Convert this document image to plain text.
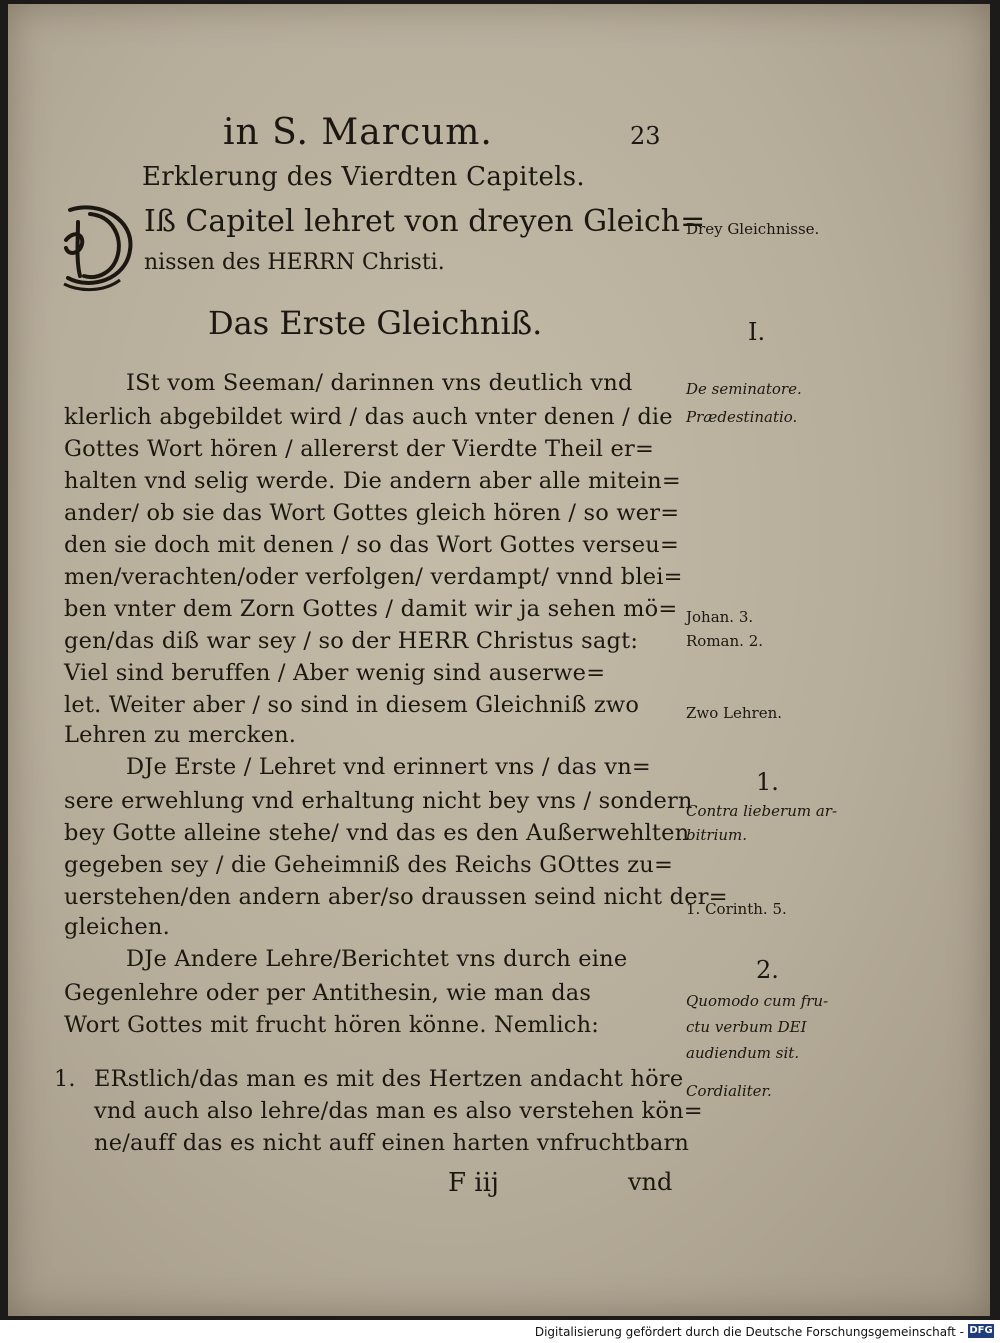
in S. Marcum.	23
Erklerung des Vierdten Capitels.
Iß Capitel lehret von dreyen Gleich=
nissen des HERRN Christi.
Das Erste Gleichniß.
ISt vom Seeman/ darinnen vns deutlich vnd
klerlich abgebildet wird / das auch vnter denen / die
Gottes Wort hören / allererst der Vierdte Theil er=
halten vnd selig werde. Die andern aber alle mitein=
ander/ ob sie das Wort Gottes gleich hören / so wer=
den sie doch mit denen / so das Wort Gottes verseu=
men/verachten/oder verfolgen/ verdampt/ vnnd blei=
ben vnter dem Zorn Gottes / damit wir ja sehen mö=
gen/das diß war sey / so der HERR Christus sagt:
Viel sind beruffen / Aber wenig sind auserwe=
let. Weiter aber / so sind in diesem Gleichniß zwo
Lehren zu mercken.
DJe Erste / Lehret vnd erinnert vns / das vn=
sere erwehlung vnd erhaltung nicht bey vns / sondern
bey Gotte alleine stehe/ vnd das es den Außerwehlten
gegeben sey / die Geheimniß des Reichs GOttes zu=
uerstehen/den andern aber/so draussen seind nicht der=
gleichen.
DJe Andere Lehre/Berichtet vns durch eine
Gegenlehre oder per Antithesin, wie man das
Wort Gottes mit frucht hören könne. Nemlich:
1. ERstlich/das man es mit des Hertzen andacht höre
vnd auch also lehre/das man es also verstehen kön=
ne/auff das es nicht auff einen harten vnfruchtbarn
Drey Gleichnisse.
I.
De seminatore.
Prædestinatio.
Johan. 3.
Roman. 2.
Zwo Lehren.
1.
Contra lieberum ar-
bitrium.
1. Corinth. 5.
2.
Quomodo cum fru-
ctu verbum DEI
audiendum sit.
Cordialiter.
F iij	vnd
Digitalisierung gefördert durch die Deutsche Forschungsgemeinschaft - DFG
